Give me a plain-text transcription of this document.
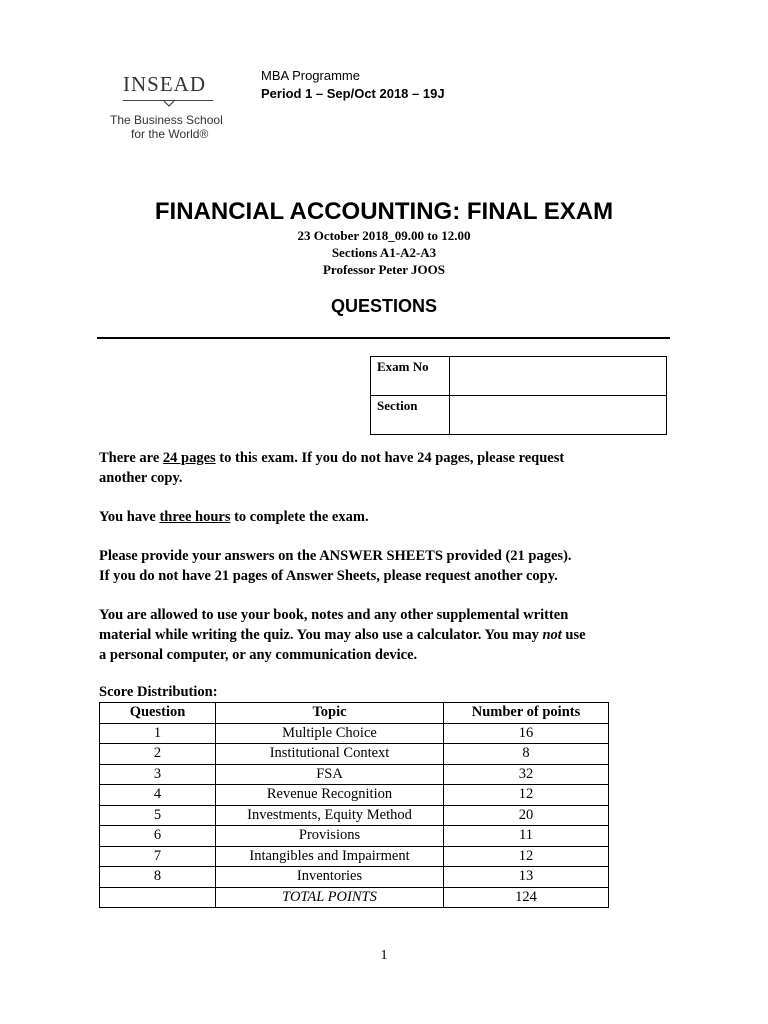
INSEAD
The Business School
for the World®
MBA Programme
Period 1 – Sep/Oct 2018 – 19J
FINANCIAL ACCOUNTING: FINAL EXAM
23 October 2018_09.00 to 12.00
Sections A1-A2-A3
Professor Peter JOOS
QUESTIONS
Exam No	
Section	
There are 24 pages to this exam. If you do not have 24 pages, please request
another copy.
You have three hours to complete the exam.
Please provide your answers on the ANSWER SHEETS provided (21 pages).
If you do not have 21 pages of Answer Sheets, please request another copy.
You are allowed to use your book, notes and any other supplemental written
material while writing the quiz. You may also use a calculator. You may not use
a personal computer, or any communication device.
Score Distribution:
Question	Topic	Number of points
1	Multiple Choice	16
2	Institutional Context	8
3	FSA	32
4	Revenue Recognition	12
5	Investments, Equity Method	20
6	Provisions	11
7	Intangibles and Impairment	12
8	Inventories	13
	TOTAL POINTS	124
1
